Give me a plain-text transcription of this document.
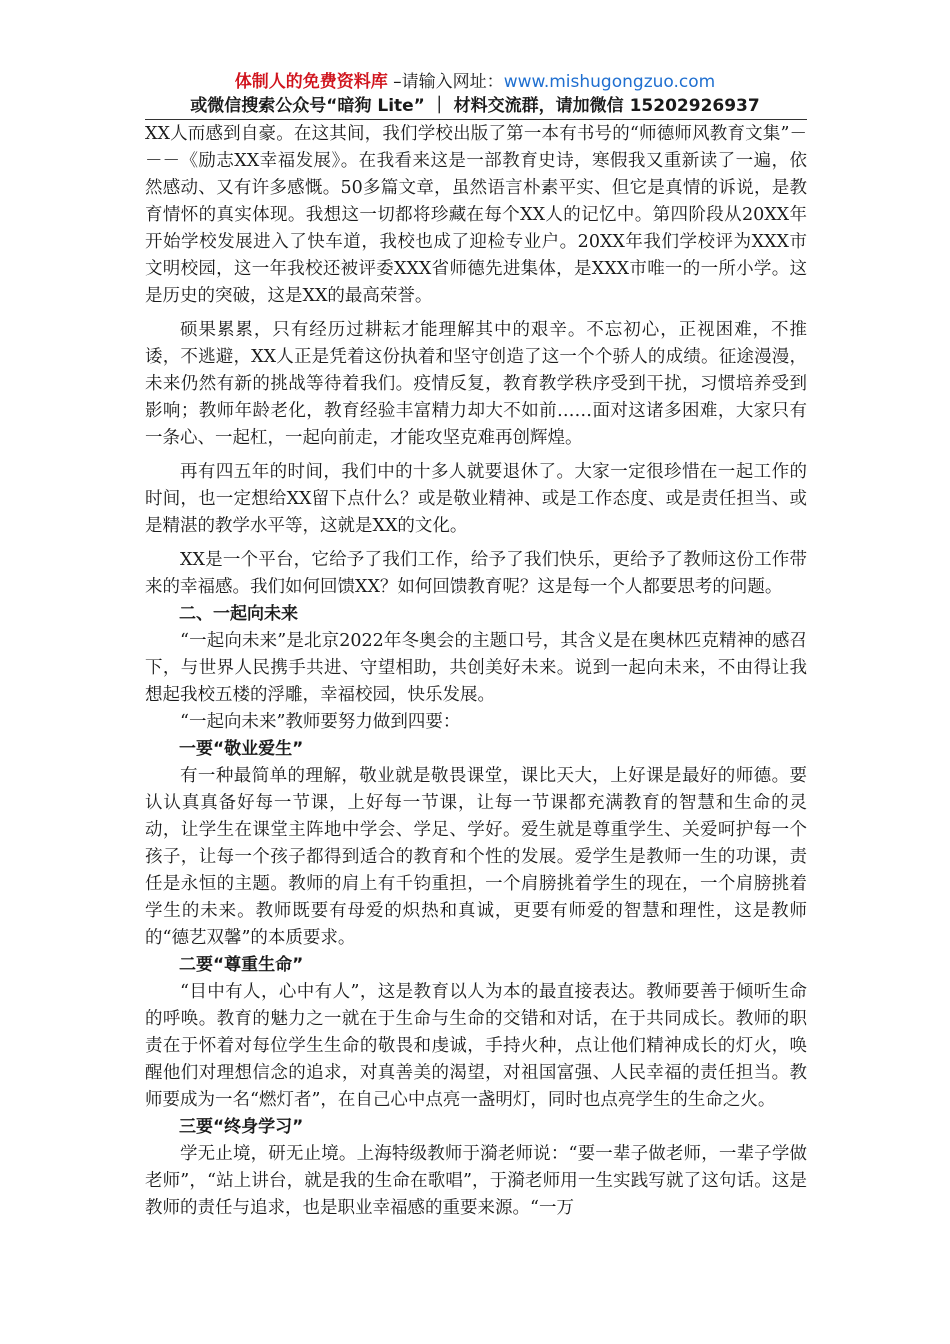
体制人的免费资料库 –请输入网址：www.mishugongzuo.com
或微信搜索公众号“暗狗 Lite” ｜ 材料交流群，请加微信 15202926937

XX人而感到自豪。在这其间，我们学校出版了第一本有书号的“师德师风教育文集”－－－《励志XX幸福发展》。在我看来这是一部教育史诗，寒假我又重新读了一遍，依然感动、又有许多感慨。50多篇文章，虽然语言朴素平实、但它是真情的诉说，是教育情怀的真实体现。我想这一切都将珍藏在每个XX人的记忆中。第四阶段从20XX年开始学校发展进入了快车道，我校也成了迎检专业户。20XX年我们学校评为XXX市文明校园，这一年我校还被评委XXX省师德先进集体，是XXX市唯一的一所小学。这是历史的突破，这是XX的最高荣誉。

硕果累累，只有经历过耕耘才能理解其中的艰辛。不忘初心，正视困难，不推诿，不逃避，XX人正是凭着这份执着和坚守创造了这一个个骄人的成绩。征途漫漫，未来仍然有新的挑战等待着我们。疫情反复，教育教学秩序受到干扰，习惯培养受到影响；教师年龄老化，教育经验丰富精力却大不如前……面对这诸多困难，大家只有一条心、一起杠，一起向前走，才能攻坚克难再创辉煌。

再有四五年的时间，我们中的十多人就要退休了。大家一定很珍惜在一起工作的时间，也一定想给XX留下点什么？或是敬业精神、或是工作态度、或是责任担当、或是精湛的教学水平等，这就是XX的文化。

XX是一个平台，它给予了我们工作，给予了我们快乐，更给予了教师这份工作带来的幸福感。我们如何回馈XX？如何回馈教育呢？这是每一个人都要思考的问题。

二、一起向未来

“一起向未来”是北京2022年冬奥会的主题口号，其含义是在奥林匹克精神的感召下，与世界人民携手共进、守望相助，共创美好未来。说到一起向未来，不由得让我想起我校五楼的浮雕，幸福校园，快乐发展。

“一起向未来”教师要努力做到四要：

一要“敬业爱生”

有一种最简单的理解，敬业就是敬畏课堂，课比天大，上好课是最好的师德。要认认真真备好每一节课，上好每一节课，让每一节课都充满教育的智慧和生命的灵动，让学生在课堂主阵地中学会、学足、学好。爱生就是尊重学生、关爱呵护每一个孩子，让每一个孩子都得到适合的教育和个性的发展。爱学生是教师一生的功课，责任是永恒的主题。教师的肩上有千钧重担，一个肩膀挑着学生的现在，一个肩膀挑着学生的未来。教师既要有母爱的炽热和真诚，更要有师爱的智慧和理性，这是教师的“德艺双馨”的本质要求。

二要“尊重生命”

“目中有人，心中有人”，这是教育以人为本的最直接表达。教师要善于倾听生命的呼唤。教育的魅力之一就在于生命与生命的交错和对话，在于共同成长。教师的职责在于怀着对每位学生生命的敬畏和虔诚，手持火种，点让他们精神成长的灯火，唤醒他们对理想信念的追求，对真善美的渴望，对祖国富强、人民幸福的责任担当。教师要成为一名“燃灯者”，在自己心中点亮一盏明灯，同时也点亮学生的生命之火。

三要“终身学习”

学无止境，研无止境。上海特级教师于漪老师说：“要一辈子做老师，一辈子学做老师”，“站上讲台，就是我的生命在歌唱”，于漪老师用一生实践写就了这句话。这是教师的责任与追求，也是职业幸福感的重要来源。“一万
